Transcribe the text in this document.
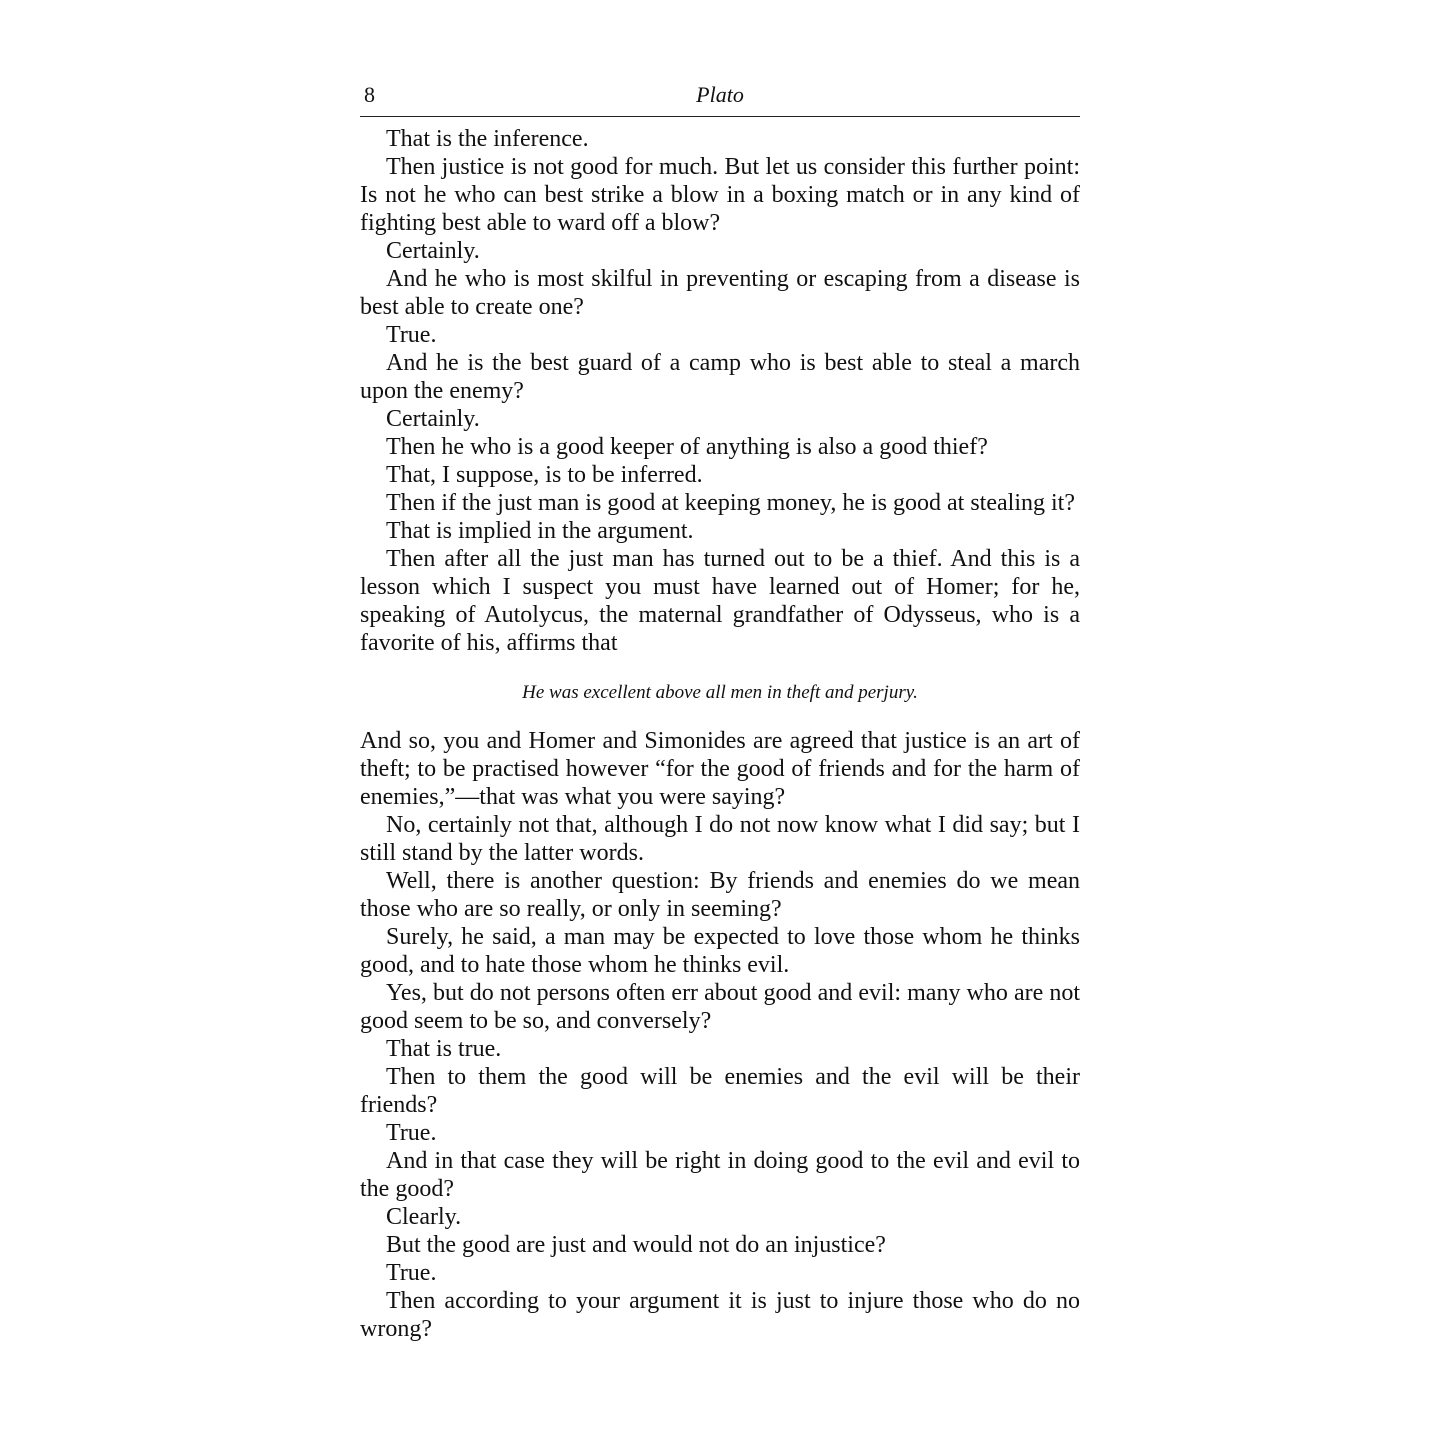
8	Plato

That is the inference.

Then justice is not good for much. But let us consider this further point: Is not he who can best strike a blow in a boxing match or in any kind of fighting best able to ward off a blow?

Certainly.

And he who is most skilful in preventing or escaping from a disease is best able to create one?

True.

And he is the best guard of a camp who is best able to steal a march upon the enemy?

Certainly.

Then he who is a good keeper of anything is also a good thief?

That, I suppose, is to be inferred.

Then if the just man is good at keeping money, he is good at stealing it?

That is implied in the argument.

Then after all the just man has turned out to be a thief. And this is a lesson which I suspect you must have learned out of Homer; for he, speaking of Autolycus, the maternal grandfather of Odysseus, who is a favorite of his, affirms that

He was excellent above all men in theft and perjury.

And so, you and Homer and Simonides are agreed that justice is an art of theft; to be practised however “for the good of friends and for the harm of enemies,”—that was what you were saying?

No, certainly not that, although I do not now know what I did say; but I still stand by the latter words.

Well, there is another question: By friends and enemies do we mean those who are so really, or only in seeming?

Surely, he said, a man may be expected to love those whom he thinks good, and to hate those whom he thinks evil.

Yes, but do not persons often err about good and evil: many who are not good seem to be so, and conversely?

That is true.

Then to them the good will be enemies and the evil will be their friends?

True.

And in that case they will be right in doing good to the evil and evil to the good?

Clearly.

But the good are just and would not do an injustice?

True.

Then according to your argument it is just to injure those who do no wrong?
